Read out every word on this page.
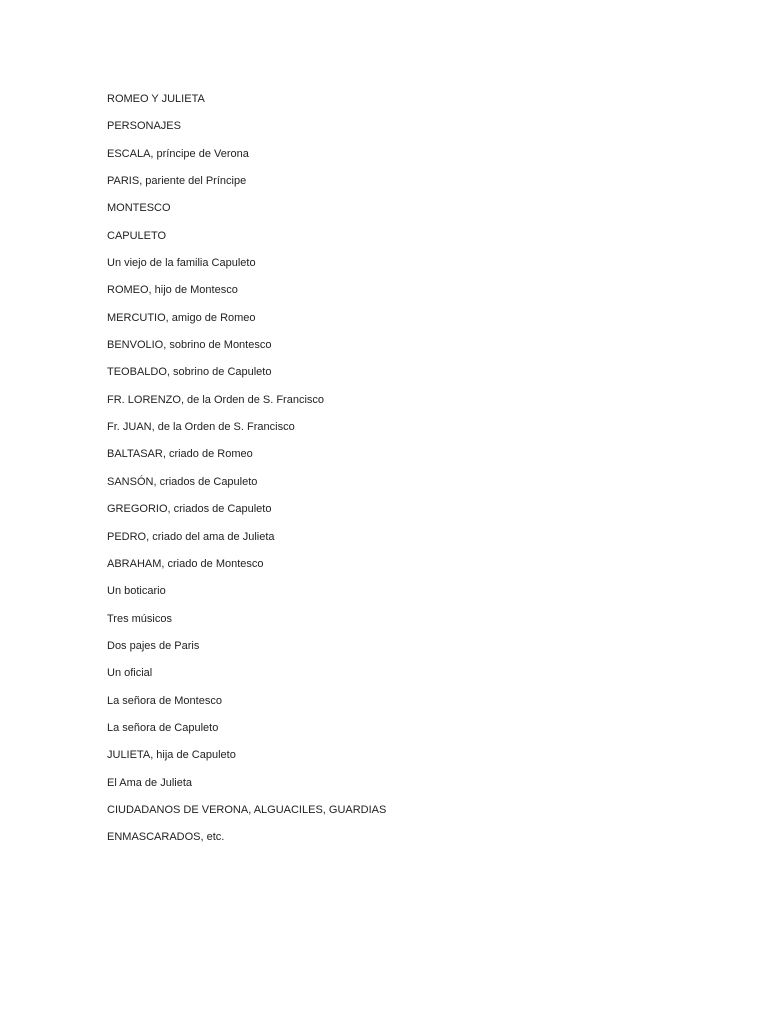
ROMEO Y JULIETA
PERSONAJES
ESCALA, príncipe de Verona
PARIS, pariente del Príncipe
MONTESCO
CAPULETO
Un viejo de la familia Capuleto
ROMEO, hijo de Montesco
MERCUTIO, amigo de Romeo
BENVOLIO, sobrino de Montesco
TEOBALDO, sobrino de Capuleto
FR. LORENZO, de la Orden de S. Francisco
Fr. JUAN, de la Orden de S. Francisco
BALTASAR, criado de Romeo
SANSÓN, criados de Capuleto
GREGORIO, criados de Capuleto
PEDRO, criado del ama de Julieta
ABRAHAM, criado de Montesco
Un boticario
Tres músicos
Dos pajes de Paris
Un oficial
La señora de Montesco
La señora de Capuleto
JULIETA, hija de Capuleto
El Ama de Julieta
CIUDADANOS DE VERONA, ALGUACILES, GUARDIAS
ENMASCARADOS, etc.
